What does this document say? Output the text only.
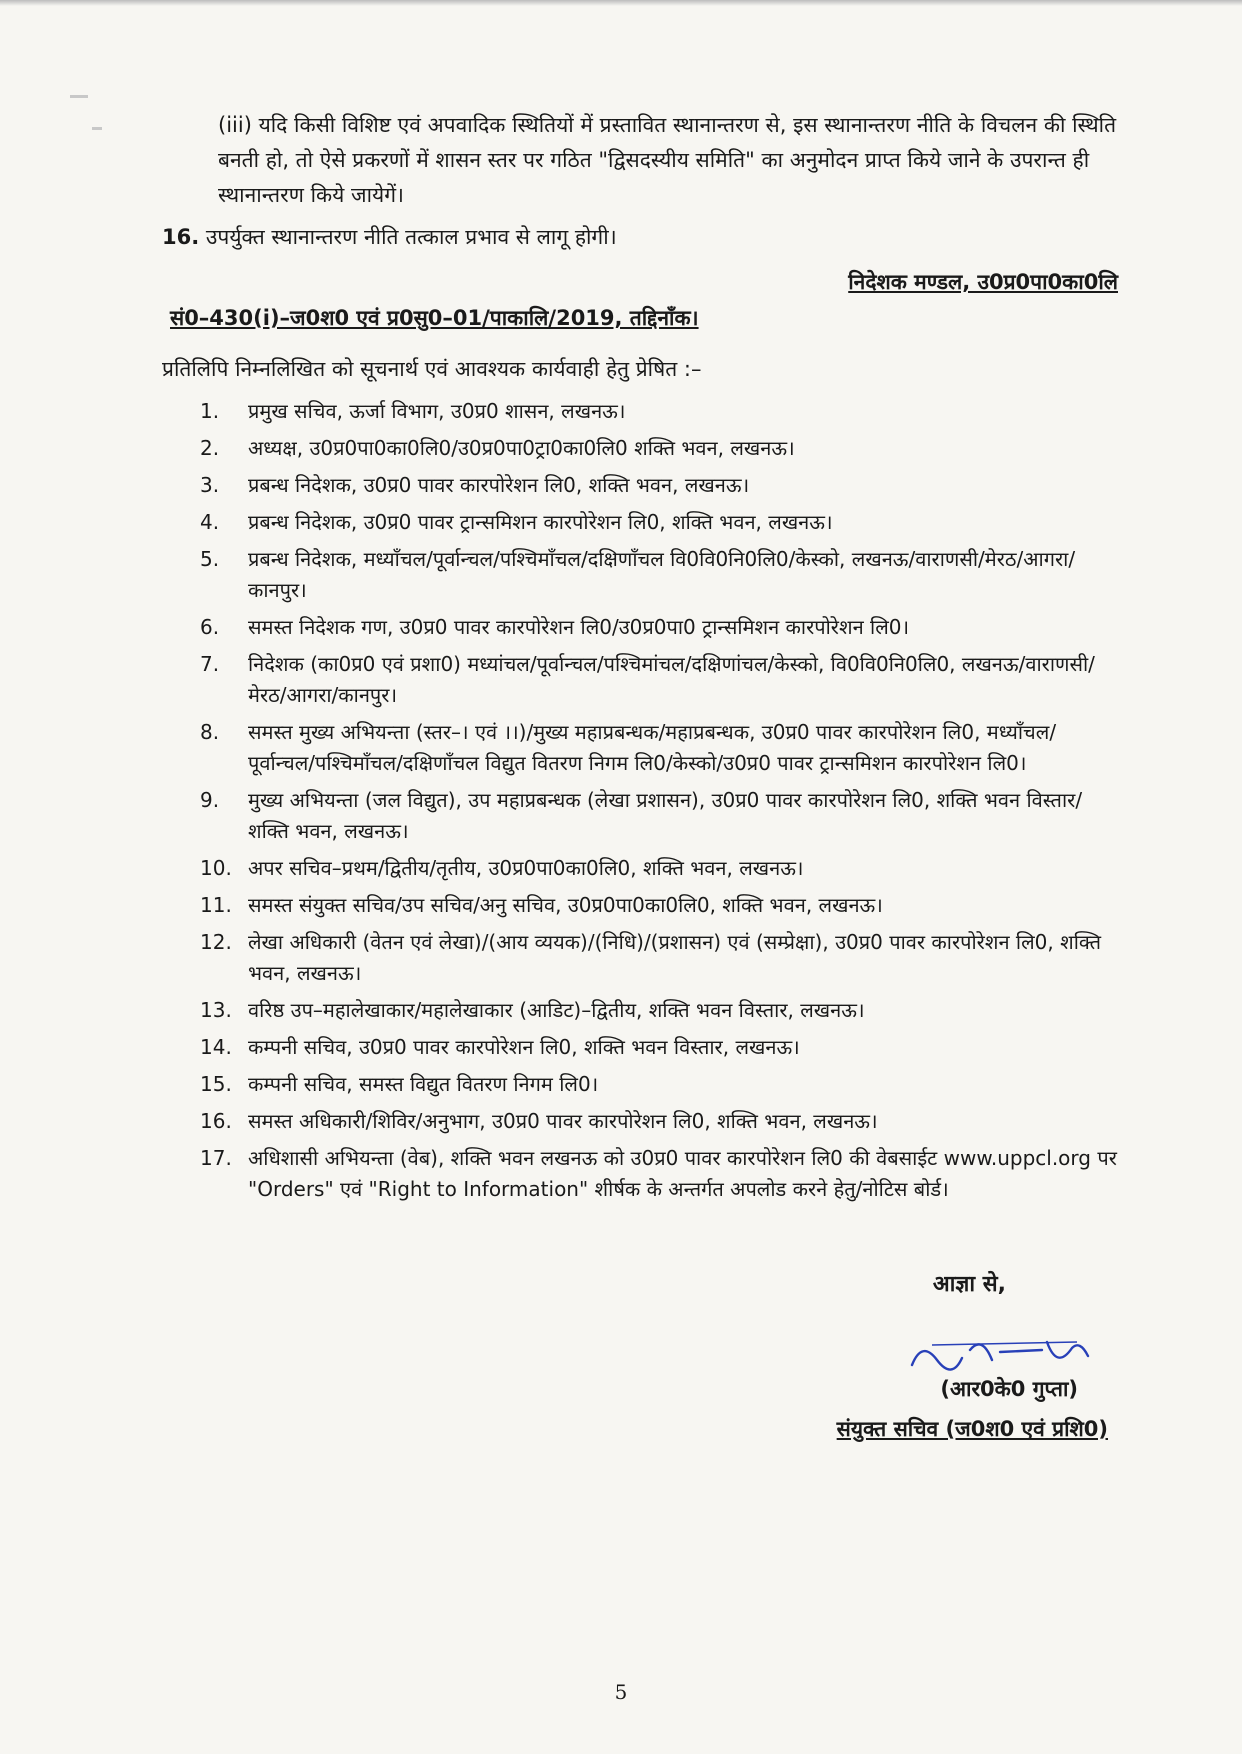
(iii) यदि किसी विशिष्ट एवं अपवादिक स्थितियों में प्रस्तावित स्थानान्तरण से, इस स्थानान्तरण नीति के विचलन की स्थिति बनती हो, तो ऐसे प्रकरणों में शासन स्तर पर गठित "द्विसदस्यीय समिति" का अनुमोदन प्राप्त किये जाने के उपरान्त ही स्थानान्तरण किये जायेगें।

16. उपर्युक्त स्थानान्तरण नीति तत्काल प्रभाव से लागू होगी।
निदेशक मण्डल, उ0प्र0पा0का0लि
सं0–430(i)–ज0श0 एवं प्र0सु0–01/पाकालि/2019, तद्दिनाँक।
प्रतिलिपि निम्नलिखित को सूचनार्थ एवं आवश्यक कार्यवाही हेतु प्रेषित :–
1.	प्रमुख सचिव, ऊर्जा विभाग, उ0प्र0 शासन, लखनऊ।
2.	अध्यक्ष, उ0प्र0पा0का0लि0/उ0प्र0पा0ट्रा0का0लि0 शक्ति भवन, लखनऊ।
3.	प्रबन्ध निदेशक, उ0प्र0 पावर कारपोरेशन लि0, शक्ति भवन, लखनऊ।
4.	प्रबन्ध निदेशक, उ0प्र0 पावर ट्रान्समिशन कारपोरेशन लि0, शक्ति भवन, लखनऊ।
5.	प्रबन्ध निदेशक, मध्याँचल/पूर्वान्चल/पश्चिमाँचल/दक्षिणाँचल वि0वि0नि0लि0/केस्को, लखनऊ/वाराणसी/मेरठ/आगरा/कानपुर।
6.	समस्त निदेशक गण, उ0प्र0 पावर कारपोरेशन लि0/उ0प्र0पा0 ट्रान्समिशन कारपोरेशन लि0।
7.	निदेशक (का0प्र0 एवं प्रशा0) मध्यांचल/पूर्वान्चल/पश्चिमांचल/दक्षिणांचल/केस्को, वि0वि0नि0लि0, लखनऊ/वाराणसी/मेरठ/आगरा/कानपुर।
8.	समस्त मुख्य अभियन्ता (स्तर–। एवं ।।)/मुख्य महाप्रबन्धक/महाप्रबन्धक, उ0प्र0 पावर कारपोरेशन लि0, मध्याँचल/पूर्वान्चल/पश्चिमाँचल/दक्षिणाँचल विद्युत वितरण निगम लि0/केस्को/उ0प्र0 पावर ट्रान्समिशन कारपोरेशन लि0।
9.	मुख्य अभियन्ता (जल विद्युत), उप महाप्रबन्धक (लेखा प्रशासन), उ0प्र0 पावर कारपोरेशन लि0, शक्ति भवन विस्तार/शक्ति भवन, लखनऊ।
10. अपर सचिव–प्रथम/द्वितीय/तृतीय, उ0प्र0पा0का0लि0, शक्ति भवन, लखनऊ।
11. समस्त संयुक्त सचिव/उप सचिव/अनु सचिव, उ0प्र0पा0का0लि0, शक्ति भवन, लखनऊ।
12. लेखा अधिकारी (वेतन एवं लेखा)/(आय व्ययक)/(निधि)/(प्रशासन) एवं (सम्प्रेक्षा), उ0प्र0 पावर कारपोरेशन लि0, शक्ति भवन, लखनऊ।
13. वरिष्ठ उप–महालेखाकार/महालेखाकार (आडिट)–द्वितीय, शक्ति भवन विस्तार, लखनऊ।
14. कम्पनी सचिव, उ0प्र0 पावर कारपोरेशन लि0, शक्ति भवन विस्तार, लखनऊ।
15. कम्पनी सचिव, समस्त विद्युत वितरण निगम लि0।
16. समस्त अधिकारी/शिविर/अनुभाग, उ0प्र0 पावर कारपोरेशन लि0, शक्ति भवन, लखनऊ।
17. अधिशासी अभियन्ता (वेब), शक्ति भवन लखनऊ को उ0प्र0 पावर कारपोरेशन लि0 की वेबसाईट www.uppcl.org पर "Orders" एवं "Right to Information" शीर्षक के अन्तर्गत अपलोड करने हेतु/नोटिस बोर्ड।
आज्ञा से,
(आर0के0 गुप्ता)
संयुक्त सचिव (ज0श0 एवं प्रशि0)
5
